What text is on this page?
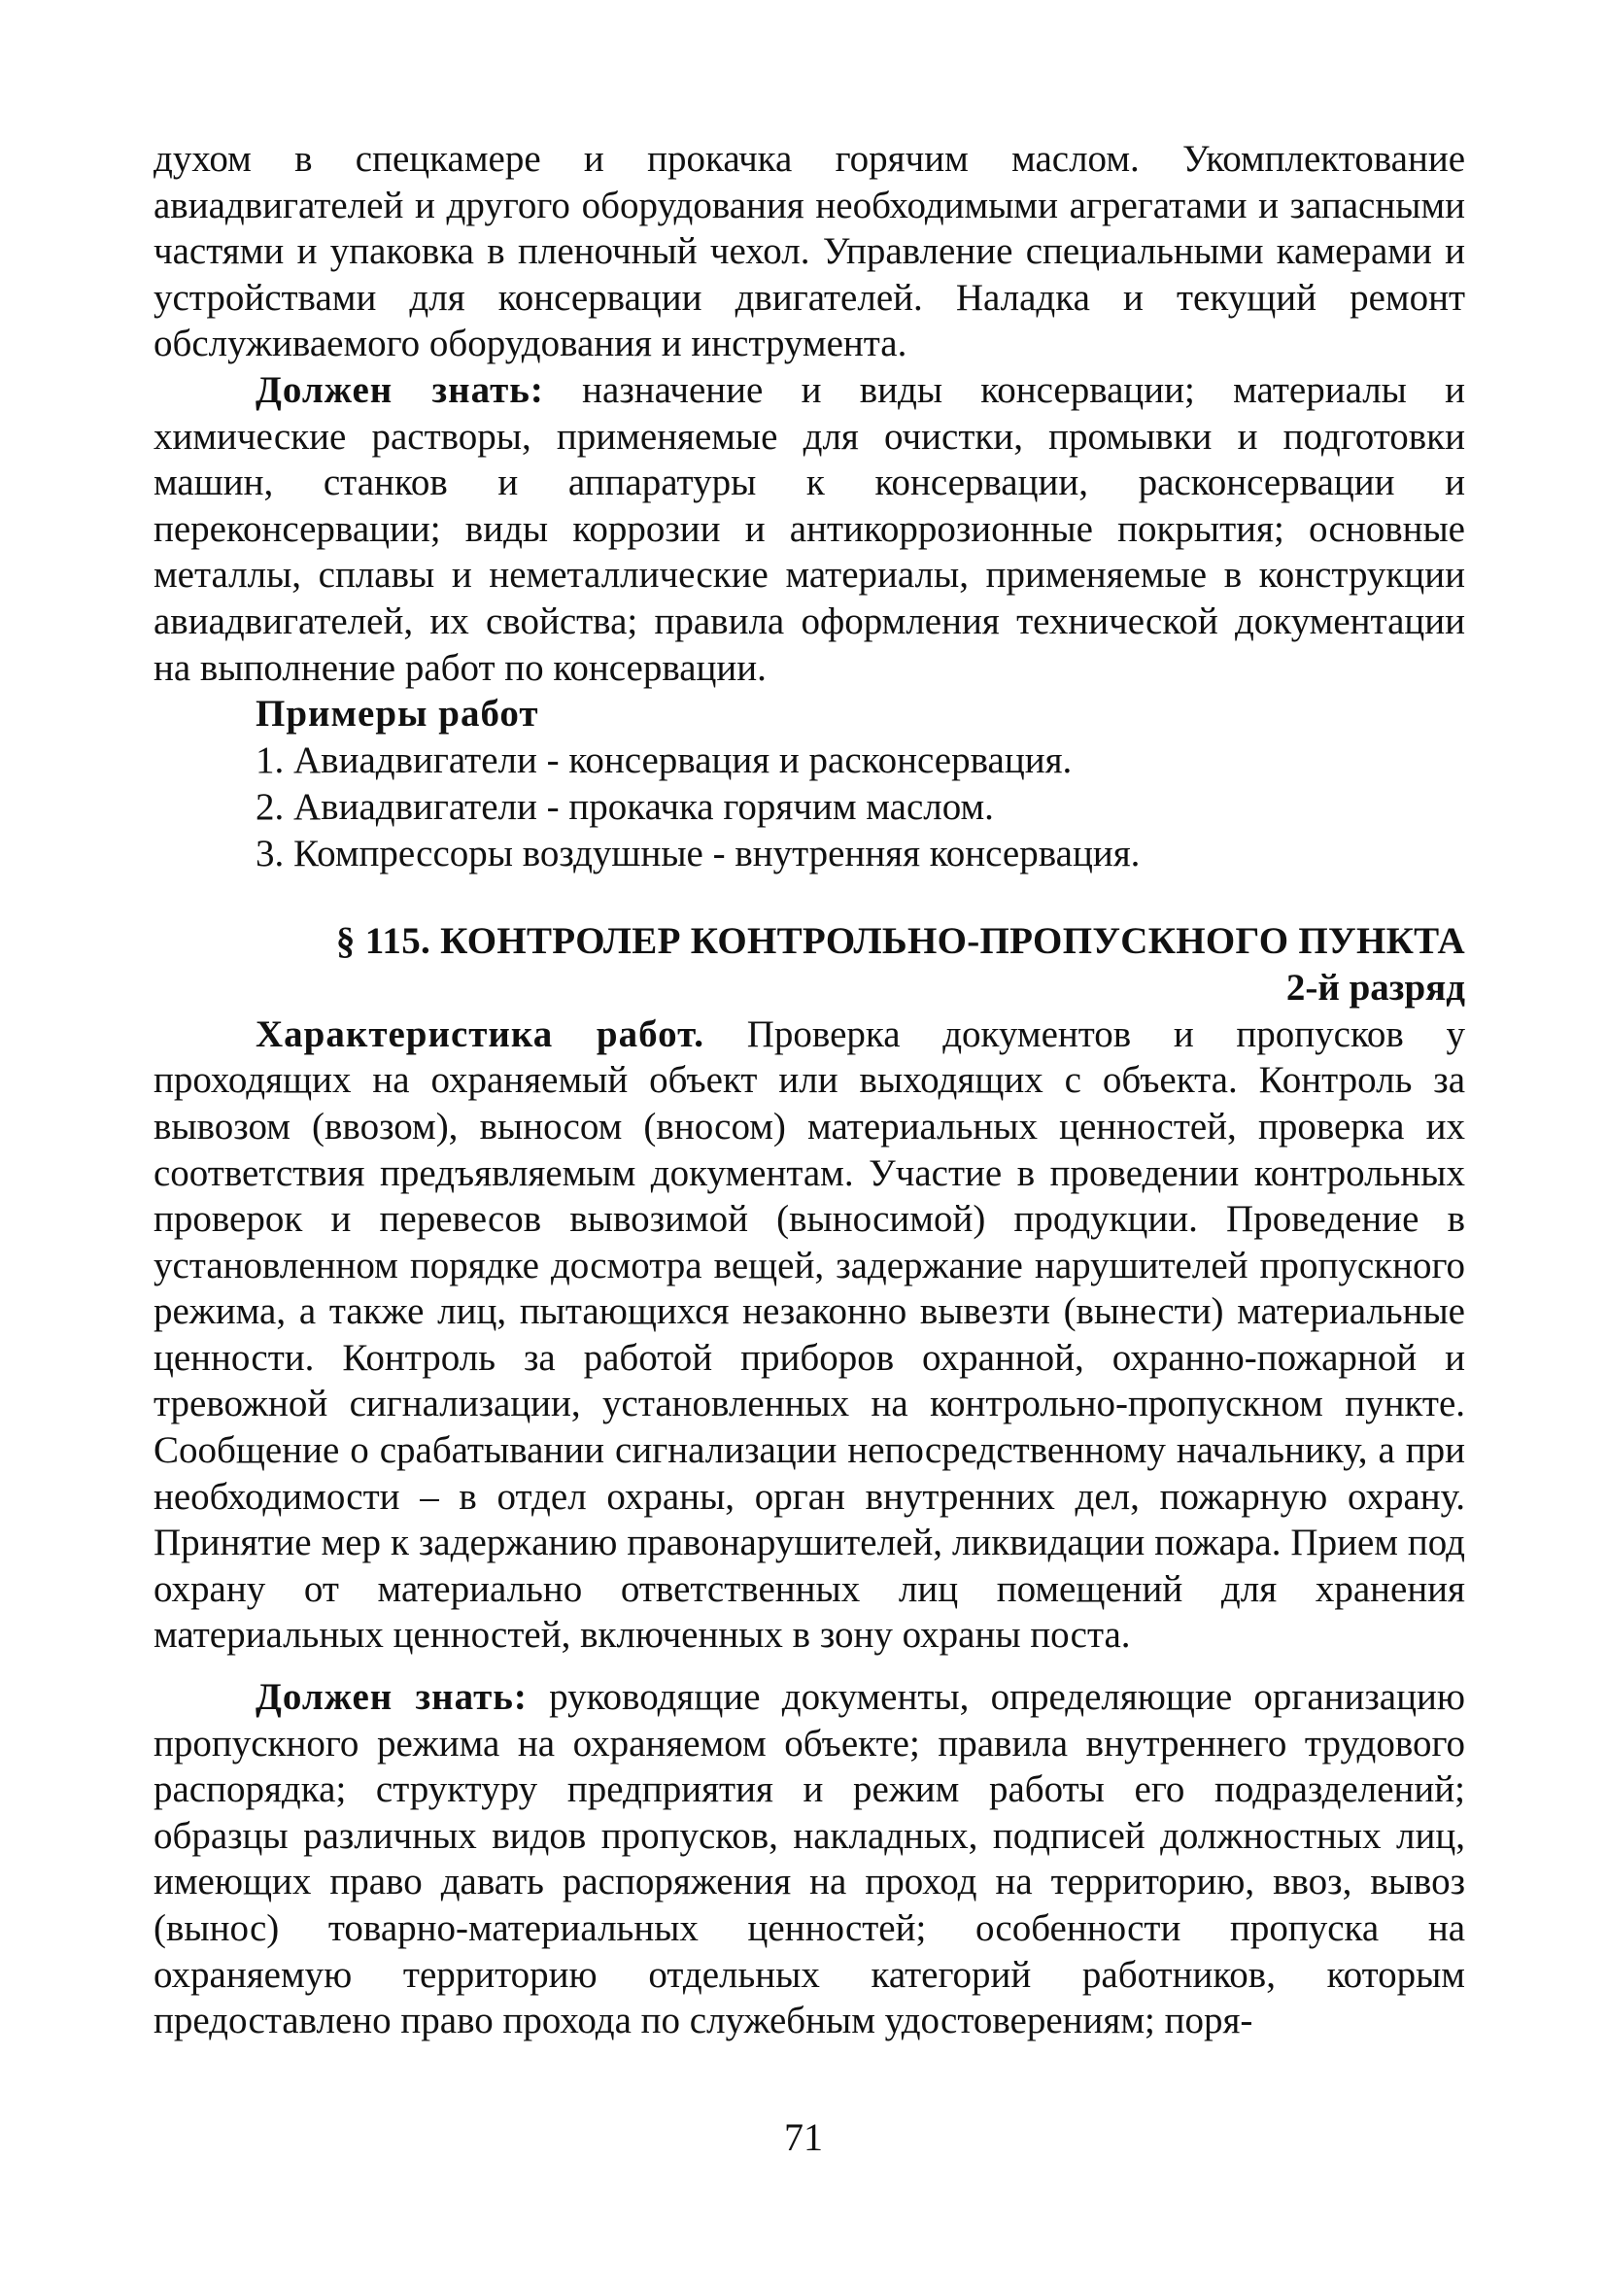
духом в спецкамере и прокачка горячим маслом. Укомплектование авиадвигателей и другого оборудования необходимыми агрегатами и запасными частями и упаковка в пленочный чехол. Управление специальными камерами и устройствами для консервации двигателей. Наладка и текущий ремонт обслуживаемого оборудования и инструмента.

Должен знать: назначение и виды консервации; материалы и химические растворы, применяемые для очистки, промывки и подготовки машин, станков и аппаратуры к консервации, расконсервации и переконсервации; виды коррозии и антикоррозионные покрытия; основные металлы, сплавы и неметаллические материалы, применяемые в конструкции авиадвигателей, их свойства; правила оформления технической документации на выполнение работ по консервации.

Примеры работ

1. Авиадвигатели - консервация и расконсервация.
2. Авиадвигатели - прокачка горячим маслом.
3. Компрессоры воздушные - внутренняя консервация.

§ 115. КОНТРОЛЕР КОНТРОЛЬНО-ПРОПУСКНОГО ПУНКТА

2-й разряд

Характеристика работ. Проверка документов и пропусков у проходящих на охраняемый объект или выходящих с объекта. Контроль за вывозом (ввозом), выносом (вносом) материальных ценностей, проверка их соответствия предъявляемым документам. Участие в проведении контрольных проверок и перевесов вывозимой (выносимой) продукции. Проведение в установленном порядке досмотра вещей, задержание нарушителей пропускного режима, а также лиц, пытающихся незаконно вывезти (вынести) материальные ценности. Контроль за работой приборов охранной, охранно-пожарной и тревожной сигнализации, установленных на контрольно-пропускном пункте. Сообщение о срабатывании сигнализации непосредственному начальнику, а при необходимости – в отдел охраны, орган внутренних дел, пожарную охрану. Принятие мер к задержанию правонарушителей, ликвидации пожара. Прием под охрану от материально ответственных лиц помещений для хранения материальных ценностей, включенных в зону охраны поста.

Должен знать: руководящие документы, определяющие организацию пропускного режима на охраняемом объекте; правила внутреннего трудового распорядка; структуру предприятия и режим работы его подразделений; образцы различных видов пропусков, накладных, подписей должностных лиц, имеющих право давать распоряжения на проход на территорию, ввоз, вывоз (вынос) товарно-материальных ценностей; особенности пропуска на охраняемую территорию отдельных категорий работников, которым предоставлено право прохода по служебным удостоверениям; поря-

71
